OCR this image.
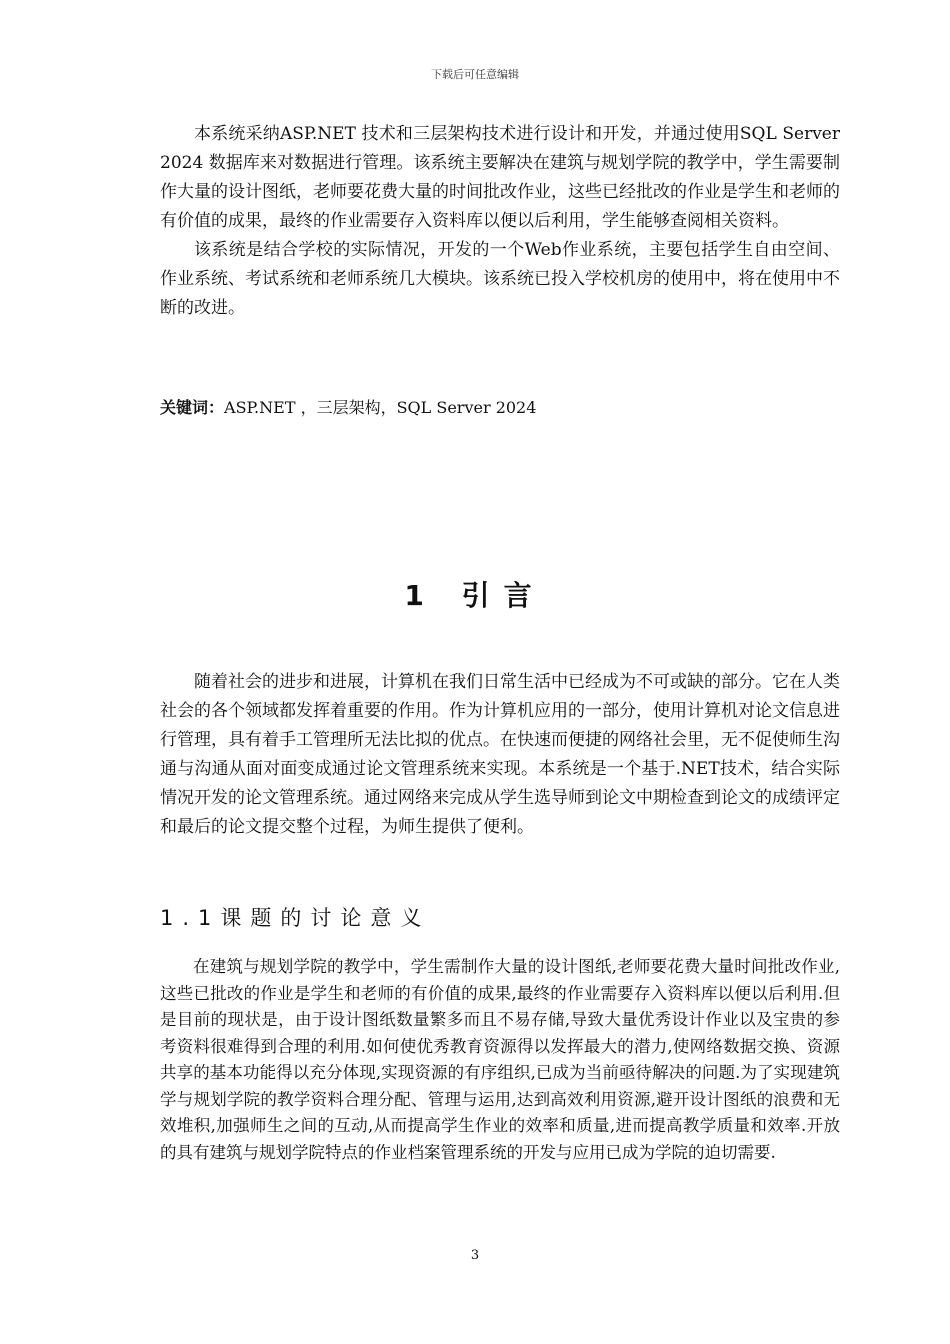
下载后可任意编辑

本系统采纳ASP.NET 技术和三层架构技术进行设计和开发，并通过使用SQL Server 2024 数据库来对数据进行管理。该系统主要解决在建筑与规划学院的教学中，学生需要制作大量的设计图纸，老师要花费大量的时间批改作业，这些已经批改的作业是学生和老师的有价值的成果，最终的作业需要存入资料库以便以后利用，学生能够查阅相关资料。

该系统是结合学校的实际情况，开发的一个Web作业系统，主要包括学生自由空间、作业系统、考试系统和老师系统几大模块。该系统已投入学校机房的使用中，将在使用中不断的改进。

关键词：ASP.NET ，三层架构，SQL Server 2024

1 引言

随着社会的进步和进展，计算机在我们日常生活中已经成为不可或缺的部分。它在人类社会的各个领域都发挥着重要的作用。作为计算机应用的一部分，使用计算机对论文信息进行管理，具有着手工管理所无法比拟的优点。在快速而便捷的网络社会里，无不促使师生沟通与沟通从面对面变成通过论文管理系统来实现。本系统是一个基于.NET技术，结合实际情况开发的论文管理系统。通过网络来完成从学生选导师到论文中期检查到论文的成绩评定和最后的论文提交整个过程，为师生提供了便利。

1.1课题的讨论意义

在建筑与规划学院的教学中，学生需制作大量的设计图纸,老师要花费大量时间批改作业,这些已批改的作业是学生和老师的有价值的成果,最终的作业需要存入资料库以便以后利用.但是目前的现状是，由于设计图纸数量繁多而且不易存储,导致大量优秀设计作业以及宝贵的参考资料很难得到合理的利用.如何使优秀教育资源得以发挥最大的潜力,使网络数据交换、资源共享的基本功能得以充分体现,实现资源的有序组织,已成为当前亟待解决的问题.为了实现建筑学与规划学院的教学资料合理分配、管理与运用,达到高效利用资源,避开设计图纸的浪费和无效堆积,加强师生之间的互动,从而提高学生作业的效率和质量,进而提高教学质量和效率.开放的具有建筑与规划学院特点的作业档案管理系统的开发与应用已成为学院的迫切需要.

3
